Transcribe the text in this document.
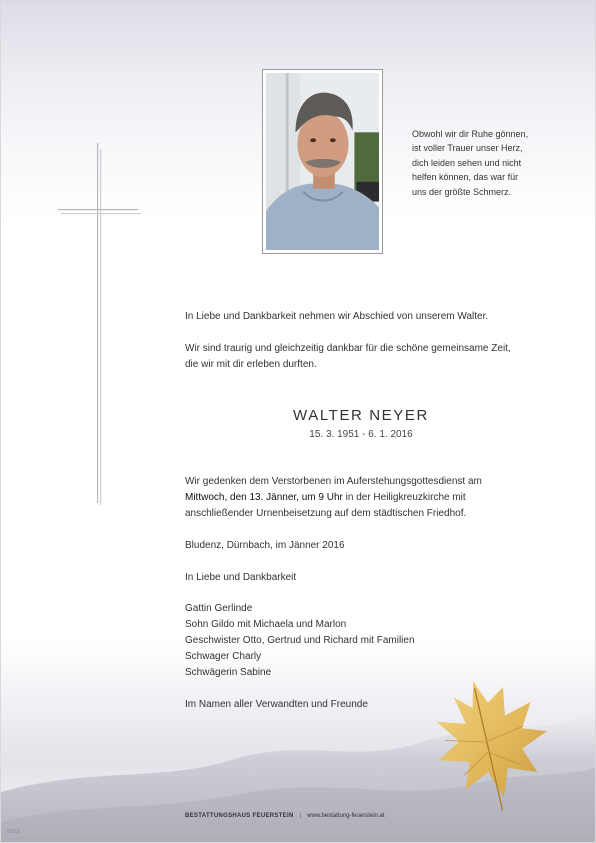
Obwohl wir dir Ruhe gönnen,
ist voller Trauer unser Herz,
dich leiden sehen und nicht
helfen können, das war für
uns der größte Schmerz.
In Liebe und Dankbarkeit nehmen wir Abschied von unserem Walter.
Wir sind traurig und gleichzeitig dankbar für die schöne gemeinsame Zeit,
die wir mit dir erleben durften.
WALTER NEYER
15. 3. 1951 - 6. 1. 2016
Wir gedenken dem Verstorbenen im Auferstehungsgottesdienst am
Mittwoch, den 13. Jänner, um 9 Uhr in der Heiligkreuzkirche mit
anschließender Urnenbeisetzung auf dem städtischen Friedhof.
Bludenz, Dürnbach, im Jänner 2016
In Liebe und Dankbarkeit
Gattin Gerlinde
Sohn Gildo mit Michaela und Marlon
Geschwister Otto, Gertrud und Richard mit Familien
Schwager Charly
Schwägerin Sabine
Im Namen aller Verwandten und Freunde
BESTATTUNGSHAUS FEUERSTEIN | www.bestattung-feuerstein.at
03/15
